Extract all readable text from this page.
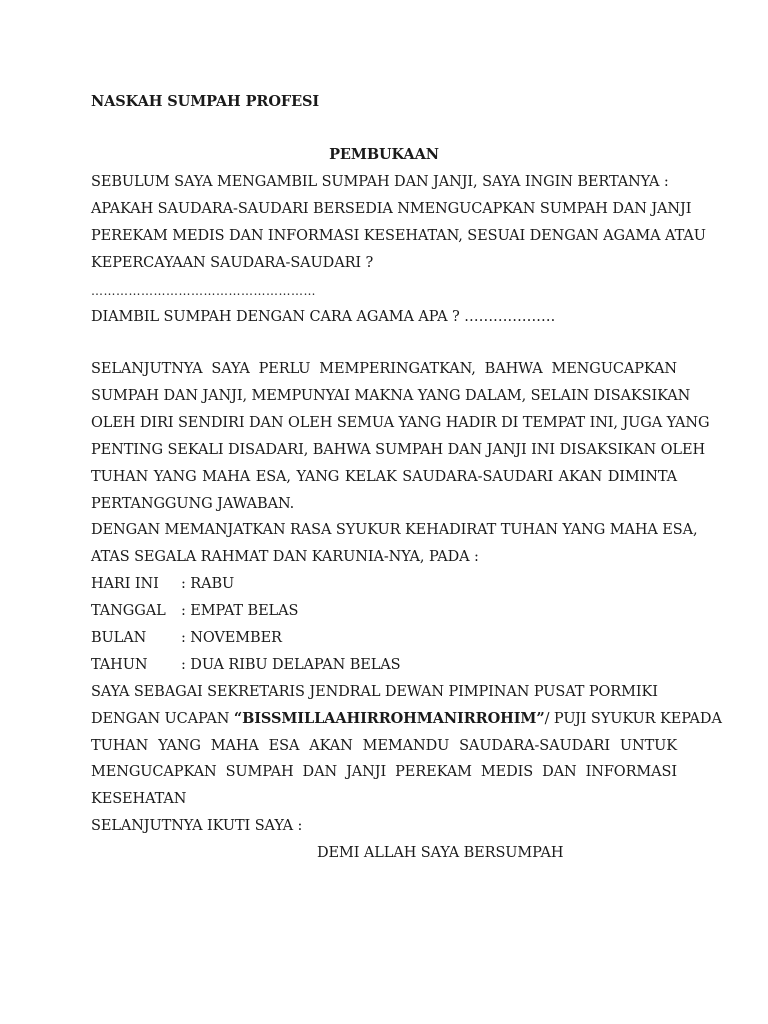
NASKAH SUMPAH PROFESI
PEMBUKAAN
SEBULUM SAYA MENGAMBIL SUMPAH DAN JANJI, SAYA INGIN BERTANYA :
APAKAH SAUDARA-SAUDARI BERSEDIA NMENGUCAPKAN SUMPAH DAN JANJI
PEREKAM MEDIS DAN INFORMASI KESEHATAN, SESUAI DENGAN AGAMA ATAU
KEPERCAYAAN SAUDARA-SAUDARI ?
………………………………………………
DIAMBIL SUMPAH DENGAN CARA AGAMA APA ? ……………….
SELANJUTNYA SAYA PERLU MEMPERINGATKAN, BAHWA MENGUCAPKAN
SUMPAH DAN JANJI, MEMPUNYAI MAKNA YANG DALAM, SELAIN DISAKSIKAN
OLEH DIRI SENDIRI DAN OLEH SEMUA YANG HADIR DI TEMPAT INI, JUGA YANG
PENTING SEKALI DISADARI, BAHWA SUMPAH DAN JANJI INI DISAKSIKAN OLEH
TUHAN YANG MAHA ESA, YANG KELAK SAUDARA-SAUDARI AKAN DIMINTA
PERTANGGUNG JAWABAN.
DENGAN MEMANJATKAN RASA SYUKUR KEHADIRAT TUHAN YANG MAHA ESA,
ATAS SEGALA RAHMAT DAN KARUNIA-NYA, PADA :
HARI INI : RABU
TANGGAL : EMPAT BELAS
BULAN : NOVEMBER
TAHUN : DUA RIBU DELAPAN BELAS
SAYA SEBAGAI SEKRETARIS JENDRAL DEWAN PIMPINAN PUSAT PORMIKI
DENGAN UCAPAN “BISSMILLAAHIRROHMANIRROHIM”/ PUJI SYUKUR KEPADA
TUHAN YANG MAHA ESA AKAN MEMANDU SAUDARA-SAUDARI UNTUK
MENGUCAPKAN SUMPAH DAN JANJI PEREKAM MEDIS DAN INFORMASI
KESEHATAN
SELANJUTNYA IKUTI SAYA :
DEMI ALLAH SAYA BERSUMPAH
